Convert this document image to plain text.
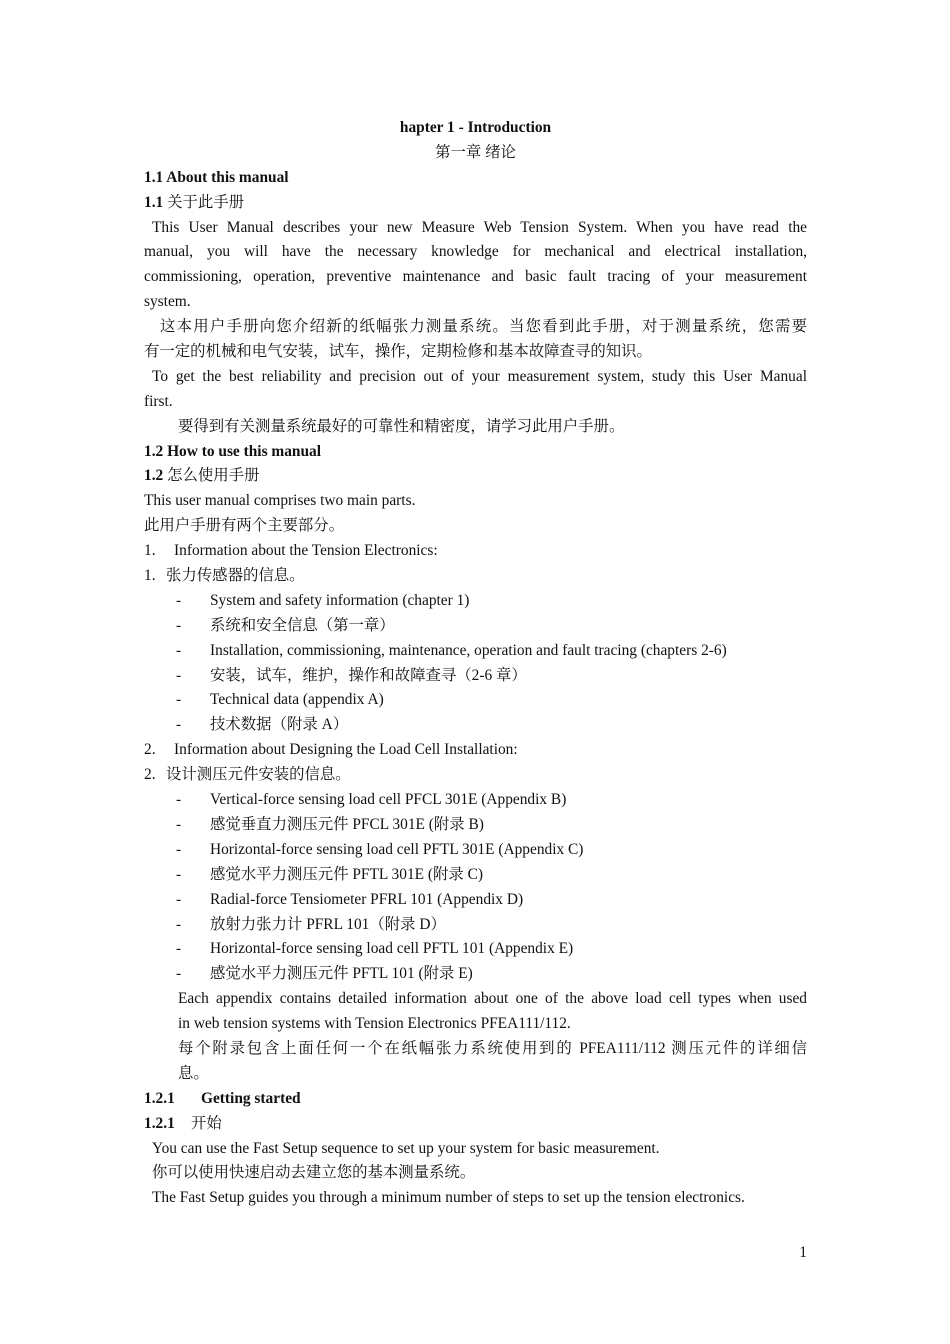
hapter 1 - Introduction
第一章 绪论
1.1 About this manual
1.1 关于此手册
This User Manual describes your new Measure Web Tension System. When you have read the
manual, you will have the necessary knowledge for mechanical and electrical installation,
commissioning, operation, preventive maintenance and basic fault tracing of your measurement
system.
这本用户手册向您介绍新的纸幅张力测量系统。当您看到此手册，对于测量系统，您需要
有一定的机械和电气安装，试车，操作，定期检修和基本故障查寻的知识。
To get the best reliability and precision out of your measurement system, study this User Manual
first.
要得到有关测量系统最好的可靠性和精密度，请学习此用户手册。
1.2 How to use this manual
1.2 怎么使用手册
This user manual comprises two main parts.
此用户手册有两个主要部分。
1. Information about the Tension Electronics:
1. 张力传感器的信息。
- System and safety information (chapter 1)
- 系统和安全信息（第一章）
- Installation, commissioning, maintenance, operation and fault tracing (chapters 2-6)
- 安装，试车，维护，操作和故障查寻（2-6 章）
- Technical data (appendix A)
- 技术数据（附录 A）
2. Information about Designing the Load Cell Installation:
2. 设计测压元件安装的信息。
- Vertical-force sensing load cell PFCL 301E (Appendix B)
- 感觉垂直力测压元件 PFCL 301E (附录 B)
- Horizontal-force sensing load cell PFTL 301E (Appendix C)
- 感觉水平力测压元件 PFTL 301E (附录 C)
- Radial-force Tensiometer PFRL 101 (Appendix D)
- 放射力张力计 PFRL 101（附录 D）
- Horizontal-force sensing load cell PFTL 101 (Appendix E)
- 感觉水平力测压元件 PFTL 101 (附录 E)
Each appendix contains detailed information about one of the above load cell types when used
in web tension systems with Tension Electronics PFEA111/112.
每个附录包含上面任何一个在纸幅张力系统使用到的 PFEA111/112 测压元件的详细信
息。
1.2.1 Getting started
1.2.1 开始
You can use the Fast Setup sequence to set up your system for basic measurement.
你可以使用快速启动去建立您的基本测量系统。
The Fast Setup guides you through a minimum number of steps to set up the tension electronics.
1
